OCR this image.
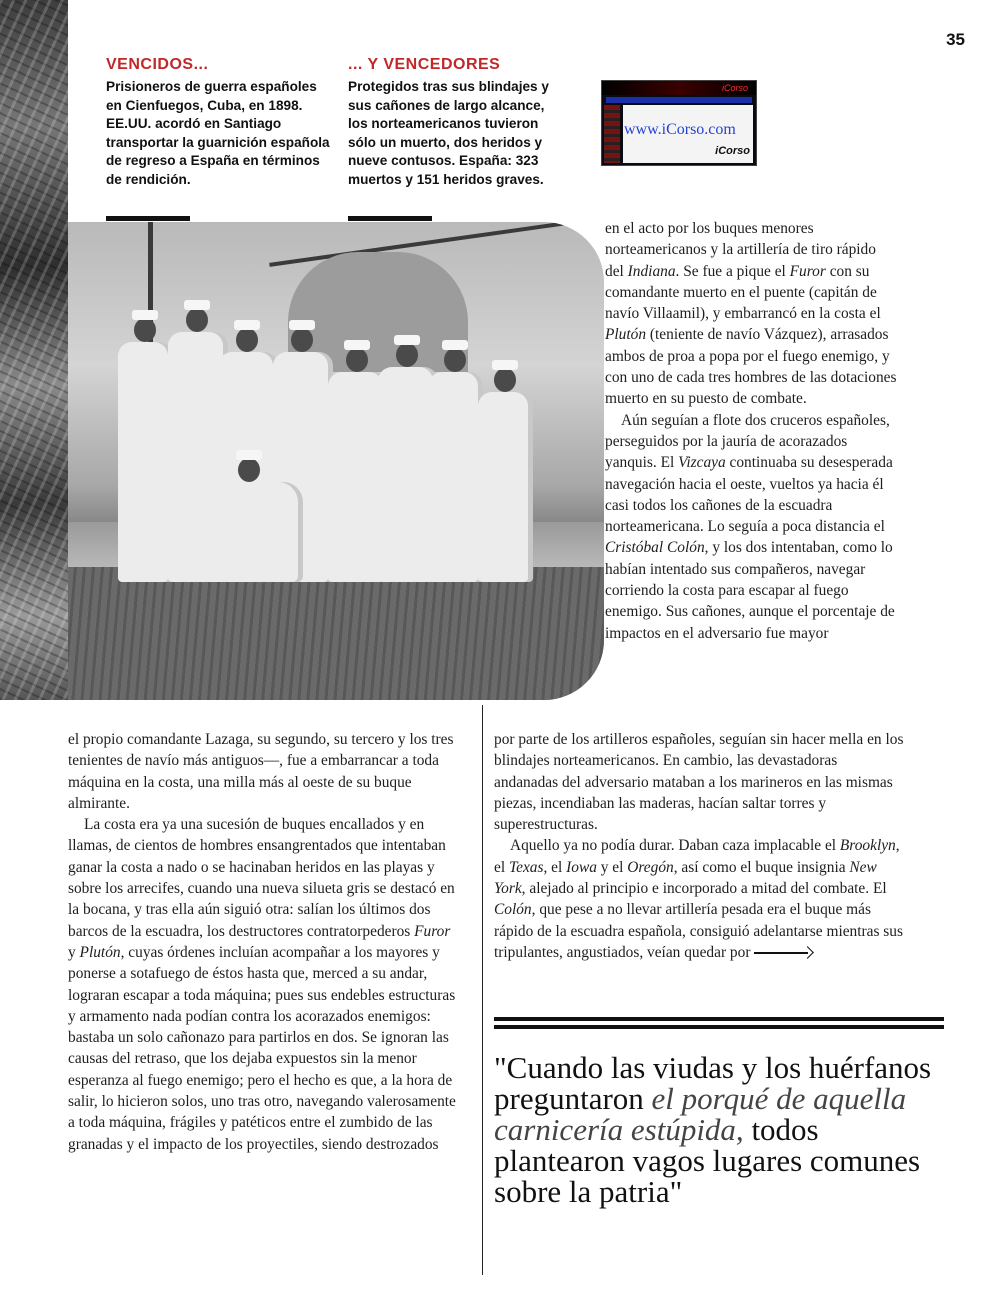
35
VENCIDOS...

Prisioneros de guerra españoles en Cienfuegos, Cuba, en 1898. EE.UU. acordó en Santiago transportar la guarnición española de regreso a España en términos de rendición.

... Y VENCEDORES

Protegidos tras sus blindajes y sus cañones de largo alcance, los norteamericanos tuvieron sólo un muerto, dos heridos y nueve contusos. España: 323 muertos y 151 heridos graves.

iCorso
www.iCorso.com
iCorso

en el acto por los buques menores norteamericanos y la artillería de tiro rápido del Indiana. Se fue a pique el Furor con su comandante muerto en el puente (capitán de navío Villaamil), y embarrancó en la costa el Plutón (teniente de navío Vázquez), arrasados ambos de proa a popa por el fuego enemigo, y con uno de cada tres hombres de las dotaciones muerto en su puesto de combate.

Aún seguían a flote dos cruceros españoles, perseguidos por la jauría de acorazados yanquis. El Vizcaya continuaba su desesperada navegación hacia el oeste, vueltos ya hacia él casi todos los cañones de la escuadra norteamericana. Lo seguía a poca distancia el Cristóbal Colón, y los dos intentaban, como lo habían intentado sus compañeros, navegar corriendo la costa para escapar al fuego enemigo. Sus cañones, aunque el porcentaje de impactos en el adversario fue mayor

por parte de los artilleros españoles, seguían sin hacer mella en los blindajes norteamericanos. En cambio, las devastadoras andanadas del adversario mataban a los marineros en las mismas piezas, incendiaban las maderas, hacían saltar torres y superestructuras.

Aquello ya no podía durar. Daban caza implacable el Brooklyn, el Texas, el Iowa y el Oregón, así como el buque insignia New York, alejado al principio e incorporado a mitad del combate. El Colón, que pese a no llevar artillería pesada era el buque más rápido de la escuadra española, consiguió adelantarse mientras sus tripulantes, angustiados, veían quedar por

el propio comandante Lazaga, su segundo, su tercero y los tres tenientes de navío más antiguos—, fue a embarrancar a toda máquina en la costa, una milla más al oeste de su buque almirante.

La costa era ya una sucesión de buques encallados y en llamas, de cientos de hombres ensangrentados que intentaban ganar la costa a nado o se hacinaban heridos en las playas y sobre los arrecifes, cuando una nueva silueta gris se destacó en la bocana, y tras ella aún siguió otra: salían los últimos dos barcos de la escuadra, los destructores contratorpederos Furor y Plutón, cuyas órdenes incluían acompañar a los mayores y ponerse a sotafuego de éstos hasta que, merced a su andar, lograran escapar a toda máquina; pues sus endebles estructuras y armamento nada podían contra los acorazados enemigos: bastaba un solo cañonazo para partirlos en dos. Se ignoran las causas del retraso, que los dejaba expuestos sin la menor esperanza al fuego enemigo; pero el hecho es que, a la hora de salir, lo hicieron solos, uno tras otro, navegando valerosamente a toda máquina, frágiles y patéticos entre el zumbido de las granadas y el impacto de los proyectiles, siendo destrozados

"Cuando las viudas y los huérfanos preguntaron el porqué de aquella carnicería estúpida, todos plantearon vagos lugares comunes sobre la patria"
